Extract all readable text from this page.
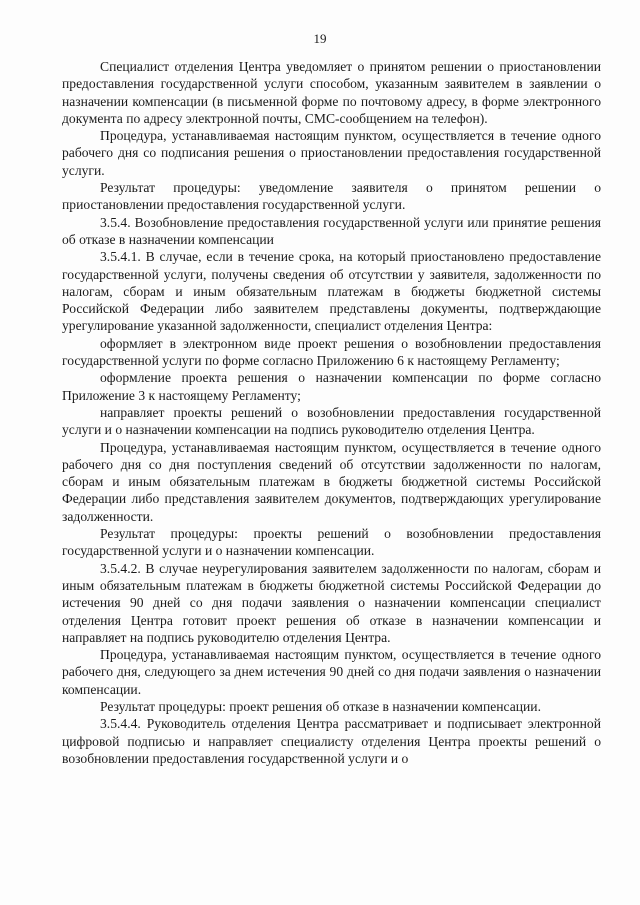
19

Специалист отделения Центра уведомляет о принятом решении о приостановлении предоставления государственной услуги способом, указанным заявителем в заявлении о назначении компенсации (в письменной форме по почтовому адресу, в форме электронного документа по адресу электронной почты, СМС-сообщением на телефон).

Процедура, устанавливаемая настоящим пунктом, осуществляется в течение одного рабочего дня со подписания решения о приостановлении предоставления государственной услуги.

Результат процедуры: уведомление заявителя о принятом решении о приостановлении предоставления государственной услуги.

3.5.4. Возобновление предоставления государственной услуги или принятие решения об отказе в назначении компенсации

3.5.4.1. В случае, если в течение срока, на который приостановлено предоставление государственной услуги, получены сведения об отсутствии у заявителя, задолженности по налогам, сборам и иным обязательным платежам в бюджеты бюджетной системы Российской Федерации либо заявителем представлены документы, подтверждающие урегулирование указанной задолженности, специалист отделения Центра:

оформляет в электронном виде проект решения о возобновлении предоставления государственной услуги по форме согласно Приложению 6 к настоящему Регламенту;

оформление проекта решения о назначении компенсации по форме согласно Приложение 3 к настоящему Регламенту;

направляет проекты решений о возобновлении предоставления государственной услуги и о назначении компенсации на подпись руководителю отделения Центра.

Процедура, устанавливаемая настоящим пунктом, осуществляется в течение одного рабочего дня со дня поступления сведений об отсутствии задолженности по налогам, сборам и иным обязательным платежам в бюджеты бюджетной системы Российской Федерации либо представления заявителем документов, подтверждающих урегулирование задолженности.

Результат процедуры: проекты решений о возобновлении предоставления государственной услуги и о назначении компенсации.

3.5.4.2. В случае неурегулирования заявителем задолженности по налогам, сборам и иным обязательным платежам в бюджеты бюджетной системы Российской Федерации до истечения 90 дней со дня подачи заявления о назначении компенсации специалист отделения Центра готовит проект решения об отказе в назначении компенсации и направляет на подпись руководителю отделения Центра.

Процедура, устанавливаемая настоящим пунктом, осуществляется в течение одного рабочего дня, следующего за днем истечения 90 дней со дня подачи заявления о назначении компенсации.

Результат процедуры: проект решения об отказе в назначении компенсации.

3.5.4.4. Руководитель отделения Центра рассматривает и подписывает электронной цифровой подписью и направляет специалисту отделения Центра проекты решений о возобновлении предоставления государственной услуги и о
